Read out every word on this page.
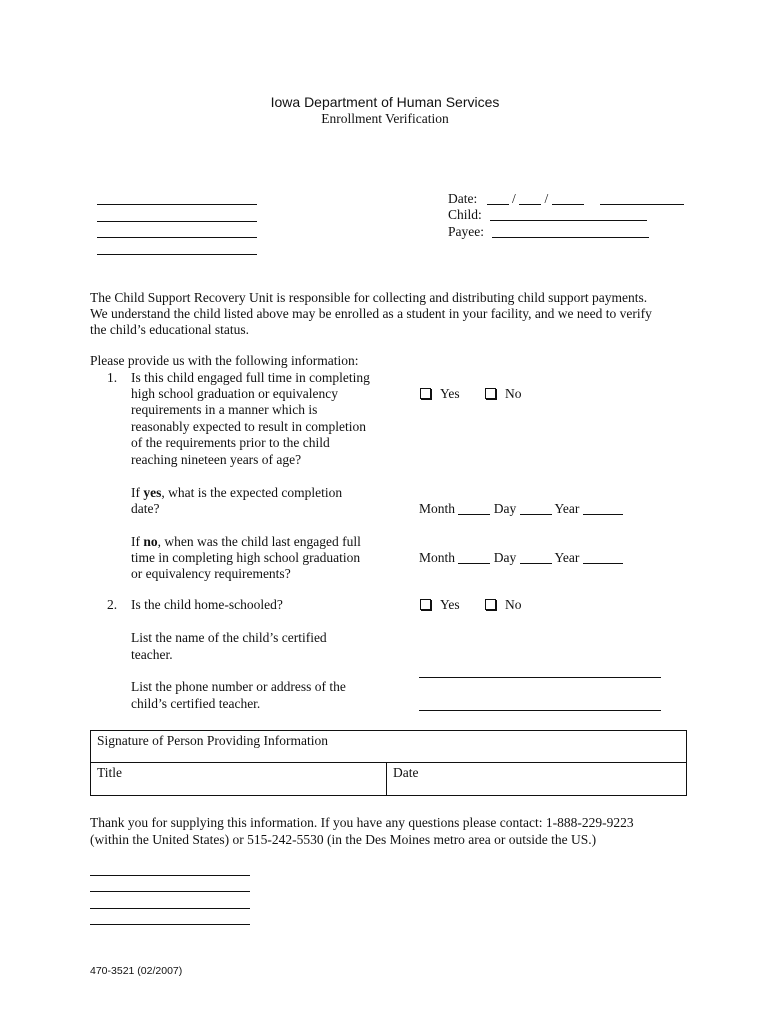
Iowa Department of Human Services
Enrollment Verification
Date:	/  /
Child:
Payee:
The Child Support Recovery Unit is responsible for collecting and distributing child support payments.
We understand the child listed above may be enrolled as a student in your facility, and we need to verify
the child’s educational status.
Please provide us with the following information:
1. Is this child engaged full time in completing
high school graduation or equivalency
requirements in a manner which is
reasonably expected to result in completion
of the requirements prior to the child
reaching nineteen years of age?
Yes	No
If yes, what is the expected completion
date?	Month	Day	Year
If no, when was the child last engaged full
time in completing high school graduation
or equivalency requirements?
Month	Day	Year
2. Is the child home-schooled?	Yes	No
List the name of the child’s certified
teacher.
List the phone number or address of the
child’s certified teacher.
Signature of Person Providing Information
Title	Date
Thank you for supplying this information. If you have any questions please contact: 1-888-229-9223
(within the United States) or 515-242-5530 (in the Des Moines metro area or outside the US.)
470-3521 (02/2007)
